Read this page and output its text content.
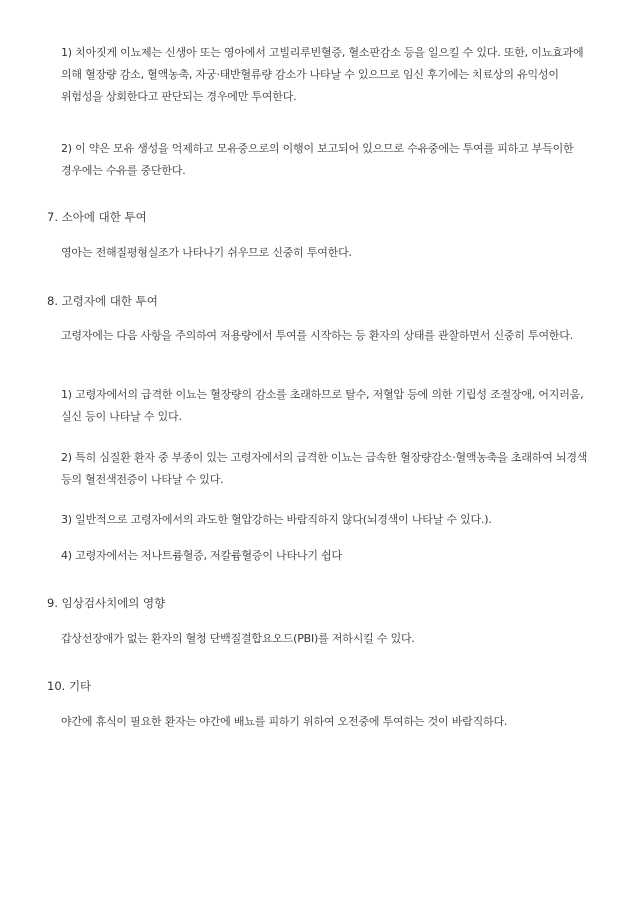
1) 치아짓게 이뇨제는 신생아 또는 영아에서 고빌리루빈혈증, 혈소판감소 등을 일으킬 수 있다. 또한, 이뇨효과에 의해 혈장량 감소, 혈액농축, 자궁·태반혈류량 감소가 나타날 수 있으므로 임신 후기에는 치료상의 유익성이 위험성을 상회한다고 판단되는 경우에만 투여한다.

2) 이 약은 모유 생성을 억제하고 모유중으로의 이행이 보고되어 있으므로 수유중에는 투여를 피하고 부득이한 경우에는 수유를 중단한다.

7. 소아에 대한 투여

영아는 전해질평형실조가 나타나기 쉬우므로 신중히 투여한다.

8. 고령자에 대한 투여

고령자에는 다음 사항을 주의하여 저용량에서 투여를 시작하는 등 환자의 상태를 관찰하면서 신중히 투여한다.

1) 고령자에서의 급격한 이뇨는 혈장량의 감소를 초래하므로 탈수, 저혈압 등에 의한 기립성 조절장애, 어지러움, 실신 등이 나타날 수 있다.

2) 특히 심질환 환자 중 부종이 있는 고령자에서의 급격한 이뇨는 급속한 혈장량감소·혈액농축을 초래하여 뇌경색 등의 혈전색전증이 나타날 수 있다.

3) 일반적으로 고령자에서의 과도한 혈압강하는 바람직하지 않다(뇌경색이 나타날 수 있다.).

4) 고령자에서는 저나트륨혈증, 저칼륨혈증이 나타나기 쉽다

9. 임상검사치에의 영향

갑상선장애가 없는 환자의 혈청 단백질결합요오드(PBI)를 저하시킬 수 있다.

10. 기타

야간에 휴식이 필요한 환자는 야간에 배뇨를 피하기 위하여 오전중에 투여하는 것이 바람직하다.
